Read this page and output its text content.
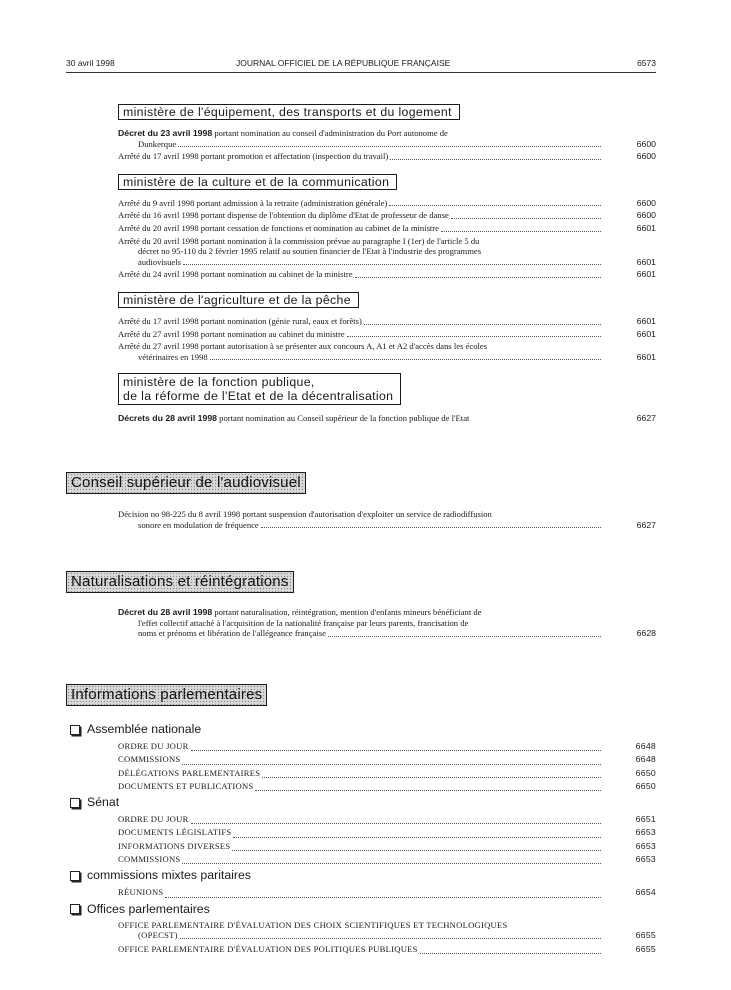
30 avril 1998	JOURNAL OFFICIEL DE LA RÉPUBLIQUE FRANÇAISE	6573
ministère de l'équipement, des transports et du logement
Décret du 23 avril 1998 portant nomination au conseil d'administration du Port autonome de
Dunkerque	6600
Arrêté du 17 avril 1998 portant promotion et affectation (inspection du travail)	6600
ministère de la culture et de la communication
Arrêté du 9 avril 1998 portant admission à la retraite (administration générale)	6600
Arrêté du 16 avril 1998 portant dispense de l'obtention du diplôme d'Etat de professeur de danse	6600
Arrêté du 20 avril 1998 portant cessation de fonctions et nomination au cabinet de la ministre	6601
Arrêté du 20 avril 1998 portant nomination à la commission prévue au paragraphe I (1er) de l'article 5 du
décret no 95-110 du 2 février 1995 relatif au soutien financier de l'Etat à l'industrie des programmes
audiovisuels	6601
Arrêté du 24 avril 1998 portant nomination au cabinet de la ministre	6601
ministère de l'agriculture et de la pêche
Arrêté du 17 avril 1998 portant nomination (génie rural, eaux et forêts)	6601
Arrêté du 27 avril 1998 portant nomination au cabinet du ministre	6601
Arrêté du 27 avril 1998 portant autorisation à se présenter aux concours A, A1 et A2 d'accès dans les écoles
vétérinaires en 1998	6601
ministère de la fonction publique,
de la réforme de l'Etat et de la décentralisation
Décrets du 28 avril 1998 portant nomination au Conseil supérieur de la fonction publique de l'Etat	6627
Conseil supérieur de l'audiovisuel
Décision no 98-225 du 8 avril 1998 portant suspension d'autorisation d'exploiter un service de radiodiffusion
sonore en modulation de fréquence	6627
Naturalisations et réintégrations
Décret du 28 avril 1998 portant naturalisation, réintégration, mention d'enfants mineurs bénéficiant de
l'effet collectif attaché à l'acquisition de la nationalité française par leurs parents, francisation de
noms et prénoms et libération de l'allégeance française	6628
Informations parlementaires
Assemblée nationale
ORDRE DU JOUR	6648
COMMISSIONS	6648
DÉLÉGATIONS PARLEMENTAIRES	6650
DOCUMENTS ET PUBLICATIONS	6650
Sénat
ORDRE DU JOUR	6651
DOCUMENTS LÉGISLATIFS	6653
INFORMATIONS DIVERSES	6653
COMMISSIONS	6653
commissions mixtes paritaires
RÉUNIONS	6654
Offices parlementaires
OFFICE PARLEMENTAIRE D'ÉVALUATION DES CHOIX SCIENTIFIQUES ET TECHNOLOGIQUES
(OPECST)	6655
OFFICE PARLEMENTAIRE D'ÉVALUATION DES POLITIQUES PUBLIQUES	6655
